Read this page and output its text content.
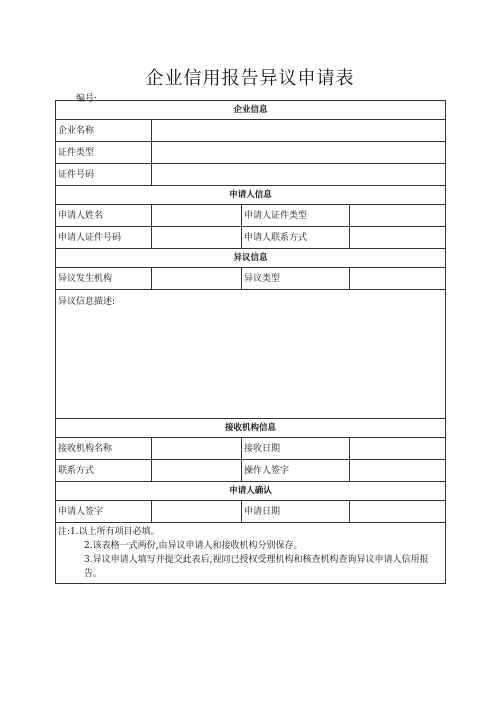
企业信用报告异议申请表
编号:
企业信息			
企业名称			
证件类型			
证件号码			
申请人信息			
申请人姓名		申请人证件类型	
申请人证件号码		申请人联系方式	
异议信息			
异议发生机构		异议类型	
异议信息描述:			
接收机构信息			
接收机构名称		接收日期	
联系方式		操作人签字	
申请人确认			
申请人签字		申请日期	

注:1.以上所有项目必填。
2.该表格一式两份,由异议申请人和接收机构分别保存。
3.异议申请人填写并提交此表后,视同已授权受理机构和核查机构查询异议申请人信用报告。			
